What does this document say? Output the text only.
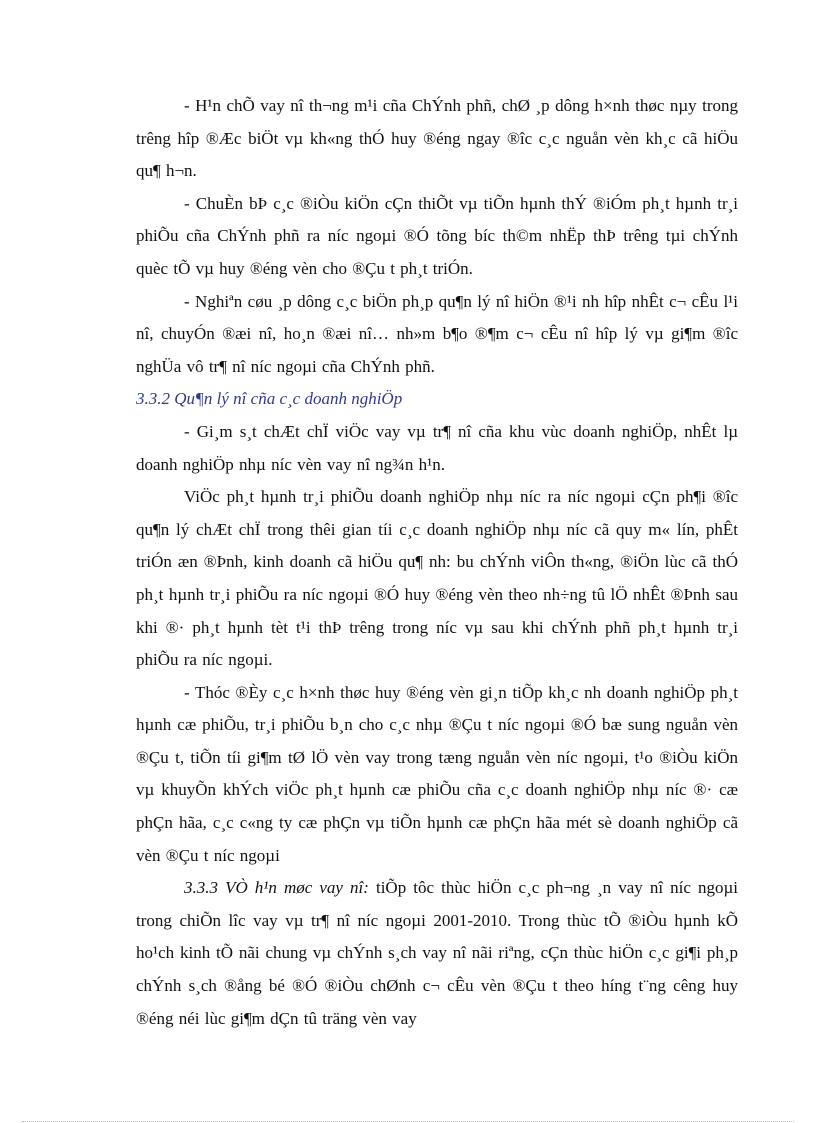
- H¹n chÕ vay nî th¬ng m¹i cña ChÝnh phñ, chØ ¸p dông h×nh thøc nµy trong trêng hîp ®Æc biÖt vµ kh«ng thÓ huy ®éng ngay ®îc c¸c nguån vèn kh¸c cã hiÖu qu¶ h¬n.

- ChuÈn bÞ c¸c ®iÒu kiÖn cÇn thiÕt vµ tiÕn hµnh thÝ ®iÓm ph¸t hµnh tr¸i phiÕu cña ChÝnh phñ ra níc ngoµi ®Ó tõng bíc th©m nhËp thÞ trêng tµi chÝnh quèc tÕ vµ huy ®éng vèn cho ®Çu t ph¸t triÓn.

- Nghiªn cøu ¸p dông c¸c biÖn ph¸p qu¶n lý nî hiÖn ®¹i nh hîp nhÊt c¬ cÊu l¹i nî, chuyÓn ®æi nî, ho¸n ®æi nî… nh»m b¶o ®¶m c¬ cÊu nî hîp lý vµ gi¶m ®îc nghÜa vô tr¶ nî níc ngoµi cña ChÝnh phñ.

3.3.2 Qu¶n lý nî cña c¸c doanh nghiÖp

- Gi¸m s¸t chÆt chÏ viÖc vay vµ tr¶ nî cña khu vùc doanh nghiÖp, nhÊt lµ doanh nghiÖp nhµ níc vèn vay nî ng¾n h¹n.

ViÖc ph¸t hµnh tr¸i phiÕu doanh nghiÖp nhµ níc ra níc ngoµi cÇn ph¶i ®îc qu¶n lý chÆt chÏ trong thêi gian tíi c¸c doanh nghiÖp nhµ níc cã quy m« lín, phÊt triÓn æn ®Þnh, kinh doanh cã hiÖu qu¶ nh: bu chÝnh viÔn th«ng, ®iÖn lùc cã thÓ ph¸t hµnh tr¸i phiÕu ra níc ngoµi ®Ó huy ®éng vèn theo nh÷ng tû lÖ nhÊt ®Þnh sau khi ®· ph¸t hµnh tèt t¹i thÞ trêng trong níc vµ sau khi chÝnh phñ ph¸t hµnh tr¸i phiÕu ra níc ngoµi.

- Thóc ®Èy c¸c h×nh thøc huy ®éng vèn gi¸n tiÕp kh¸c nh doanh nghiÖp ph¸t hµnh cæ phiÕu, tr¸i phiÕu b¸n cho c¸c nhµ ®Çu t níc ngoµi ®Ó bæ sung nguån vèn ®Çu t, tiÕn tíi gi¶m tØ lÖ vèn vay trong tæng nguån vèn níc ngoµi, t¹o ®iÒu kiÖn vµ khuyÕn khÝch viÖc ph¸t hµnh cæ phiÕu cña c¸c doanh nghiÖp nhµ níc ®· cæ phÇn hãa, c¸c c«ng ty cæ phÇn vµ tiÕn hµnh cæ phÇn hãa mét sè doanh nghiÖp cã vèn ®Çu t níc ngoµi

3.3.3 VÒ h¹n møc vay nî: tiÕp tôc thùc hiÖn c¸c ph¬ng ¸n vay nî níc ngoµi trong chiÕn lîc vay vµ tr¶ nî níc ngoµi 2001-2010. Trong thùc tÕ ®iÒu hµnh kÕ ho¹ch kinh tÕ nãi chung vµ chÝnh s¸ch vay nî nãi riªng, cÇn thùc hiÖn c¸c gi¶i ph¸p chÝnh s¸ch ®ång bé ®Ó ®iÒu chØnh c¬ cÊu vèn ®Çu t theo híng t¨ng cêng huy ®éng néi lùc gi¶m dÇn tû träng vèn vay
